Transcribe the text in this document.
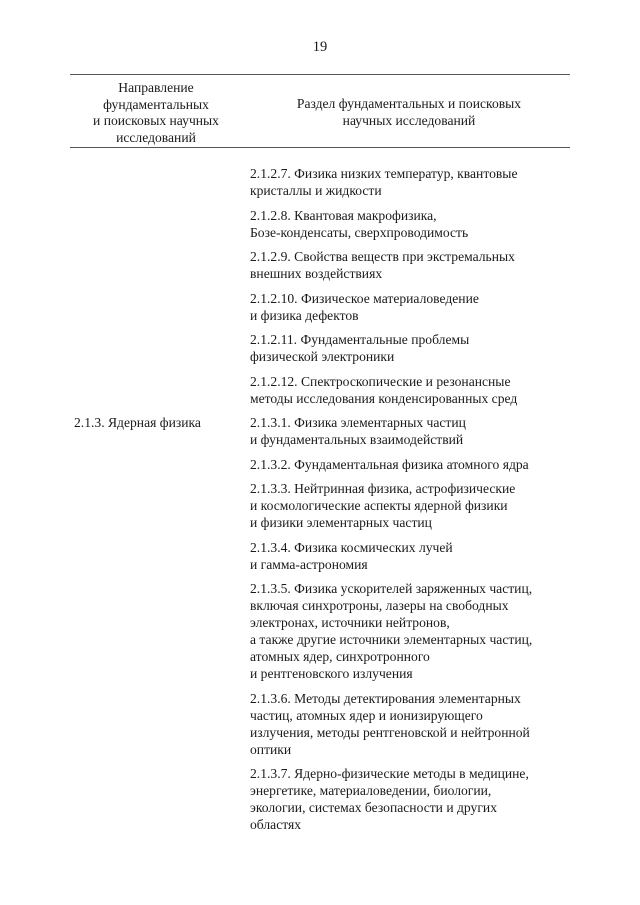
19
Направление
фундаментальных
и поисковых научных
исследований
Раздел фундаментальных и поисковых
научных исследований
2.1.3. Ядерная физика
2.1.2.7. Физика низких температур, квантовые
кристаллы и жидкости
2.1.2.8. Квантовая макрофизика,
Бозе-конденсаты, сверхпроводимость
2.1.2.9. Свойства веществ при экстремальных
внешних воздействиях
2.1.2.10. Физическое материаловедение
и физика дефектов
2.1.2.11. Фундаментальные проблемы
физической электроники
2.1.2.12. Спектроскопические и резонансные
методы исследования конденсированных сред
2.1.3.1. Физика элементарных частиц
и фундаментальных взаимодействий
2.1.3.2. Фундаментальная физика атомного ядра
2.1.3.3. Нейтринная физика, астрофизические
и космологические аспекты ядерной физики
и физики элементарных частиц
2.1.3.4. Физика космических лучей
и гамма-астрономия
2.1.3.5. Физика ускорителей заряженных частиц,
включая синхротроны, лазеры на свободных
электронах, источники нейтронов,
а также другие источники элементарных частиц,
атомных ядер, синхротронного
и рентгеновского излучения
2.1.3.6. Методы детектирования элементарных
частиц, атомных ядер и ионизирующего
излучения, методы рентгеновской и нейтронной
оптики
2.1.3.7. Ядерно-физические методы в медицине,
энергетике, материаловедении, биологии,
экологии, системах безопасности и других
областях
